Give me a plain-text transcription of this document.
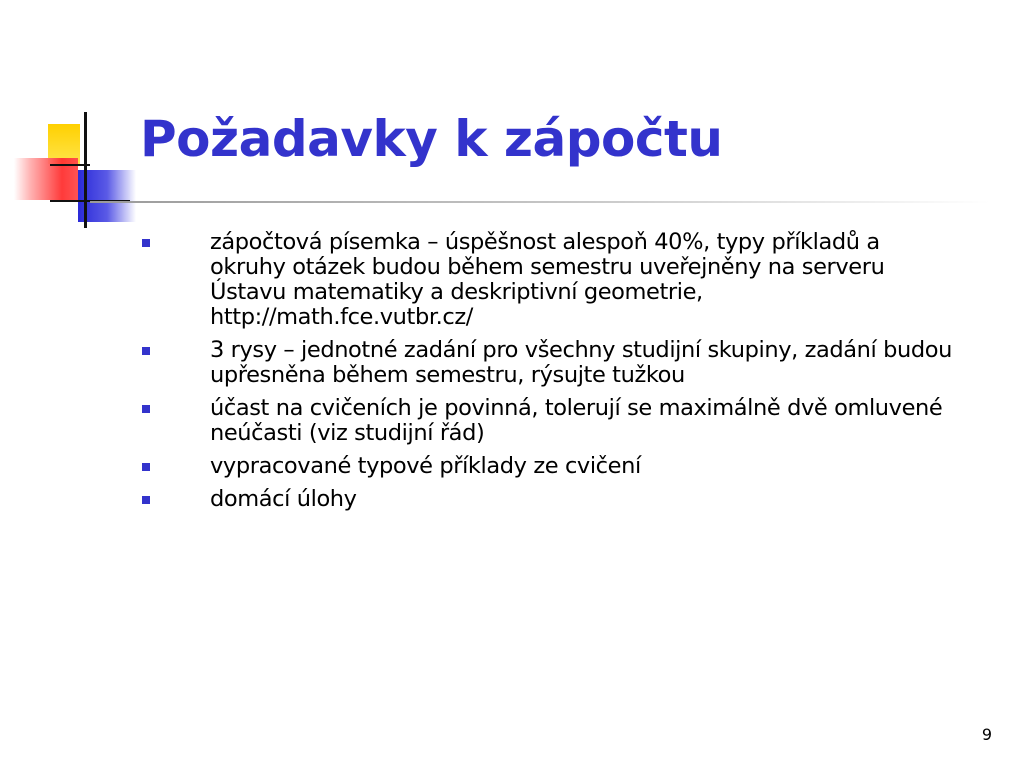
Požadavky k zápočtu
zápočtová písemka – úspěšnost alespoň 40%, typy příkladů a okruhy otázek budou během semestru uveřejněny na serveru Ústavu matematiky a deskriptivní geometrie, http://math.fce.vutbr.cz/
3 rysy – jednotné zadání pro všechny studijní skupiny, zadání budou upřesněna během semestru, rýsujte tužkou
účast na cvičeních je povinná, tolerují se maximálně dvě omluvené neúčasti (viz studijní řád)
vypracované typové příklady ze cvičení
domácí úlohy
9
